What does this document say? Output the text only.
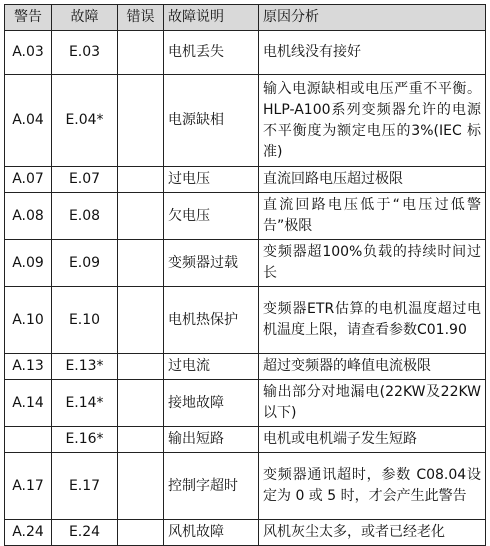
警告	故障	错误	故障说明	原因分析
A.03	E.03		电机丢失	电机线没有接好
A.04	E.04*		电源缺相	输入电源缺相或电压严重不平衡。HLP-A100系列变频器允许的电源不平衡度为额定电压的3%(IEC 标准)
A.07	E.07		过电压	直流回路电压超过极限
A.08	E.08		欠电压	直流回路电压低于“电压过低警告”极限
A.09	E.09		变频器过载	变频器超100%负载的持续时间过长
A.10	E.10		电机热保护	变频器ETR估算的电机温度超过电机温度上限，请查看参数C01.90
A.13	E.13*		过电流	超过变频器的峰值电流极限
A.14	E.14*		接地故障	输出部分对地漏电(22KW及22KW以下)
	E.16*		输出短路	电机或电机端子发生短路
A.17	E.17		控制字超时	变频器通讯超时，参数 C08.04设定为 0 或 5 时，才会产生此警告
A.24	E.24		风机故障	风机灰尘太多，或者已经老化
